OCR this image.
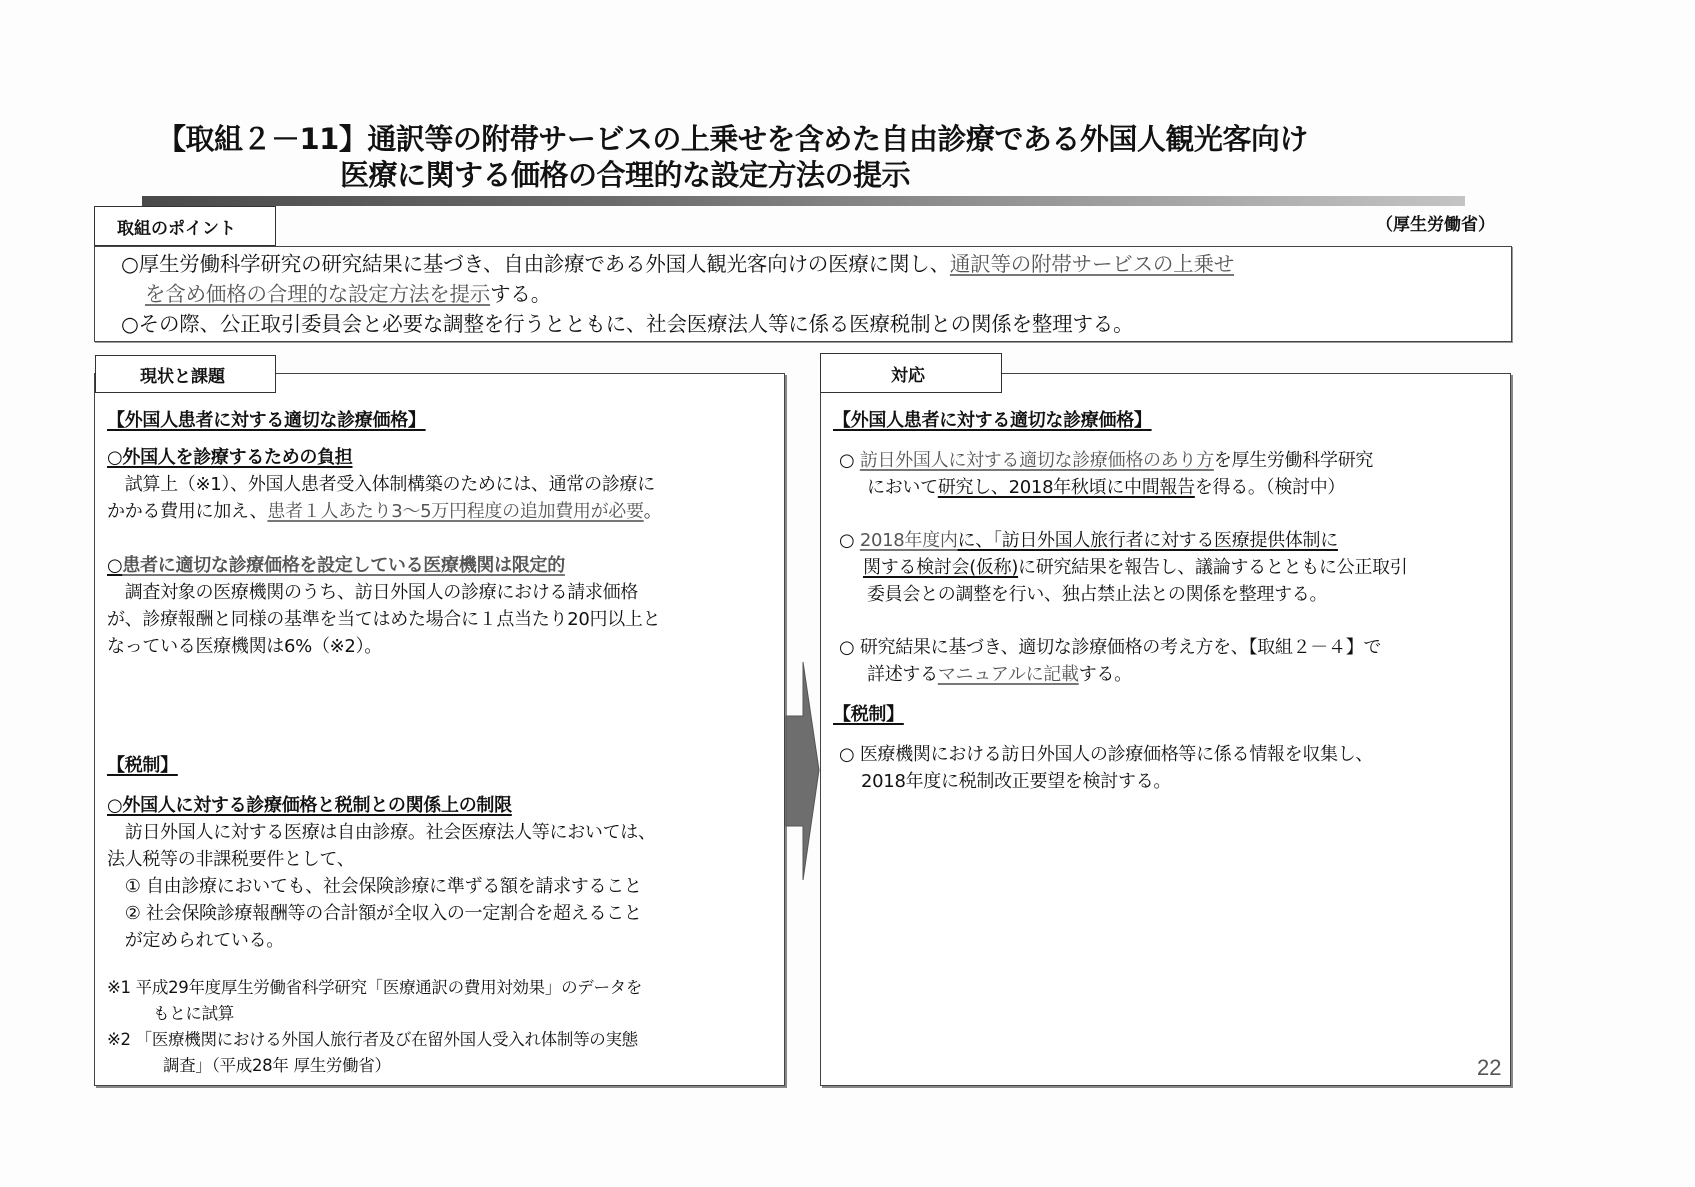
【取組２－11】通訳等の附帯サービスの上乗せを含めた自由診療である外国人観光客向け
医療に関する価格の合理的な設定方法の提示
取組のポイント	（厚生労働省）
○厚生労働科学研究の研究結果に基づき、自由診療である外国人観光客向けの医療に関し、通訳等の附帯サービスの上乗せ
を含め価格の合理的な設定方法を提示する。
○その際、公正取引委員会と必要な調整を行うとともに、社会医療法人等に係る医療税制との関係を整理する。
【外国人患者に対する適切な診療価格】
○外国人を診療するための負担
　試算上（※1）、外国人患者受入体制構築のためには、通常の診療に
かかる費用に加え、患者１人あたり3～5万円程度の追加費用が必要。
○患者に適切な診療価格を設定している医療機関は限定的
　調査対象の医療機関のうち、訪日外国人の診療における請求価格
が、診療報酬と同様の基準を当てはめた場合に１点当たり20円以上と
なっている医療機関は6%（※2）。
【税制】
○外国人に対する診療価格と税制との関係上の制限
　訪日外国人に対する医療は自由診療。社会医療法人等においては、
法人税等の非課税要件として、
　① 自由診療においても、社会保険診療に準ずる額を請求すること
　② 社会保険診療報酬等の合計額が全収入の一定割合を超えること
　が定められている。
※1 平成29年度厚生労働省科学研究「医療通訳の費用対効果」のデータを
もとに試算
※2 「医療機関における外国人旅行者及び在留外国人受入れ体制等の実態
調査」（平成28年 厚生労働省）
現状と課題
【外国人患者に対する適切な診療価格】
○ 訪日外国人に対する適切な診療価格のあり方を厚生労働科学研究
において研究し、2018年秋頃に中間報告を得る。（検討中）
○ 2018年度内に、「訪日外国人旅行者に対する医療提供体制に
関する検討会(仮称)に研究結果を報告し、議論するとともに公正取引
委員会との調整を行い、独占禁止法との関係を整理する。
○ 研究結果に基づき、適切な診療価格の考え方を、【取組２－４】で
詳述するマニュアルに記載する。
【税制】
○ 医療機関における訪日外国人の診療価格等に係る情報を収集し、
2018年度に税制改正要望を検討する。
対応
22
